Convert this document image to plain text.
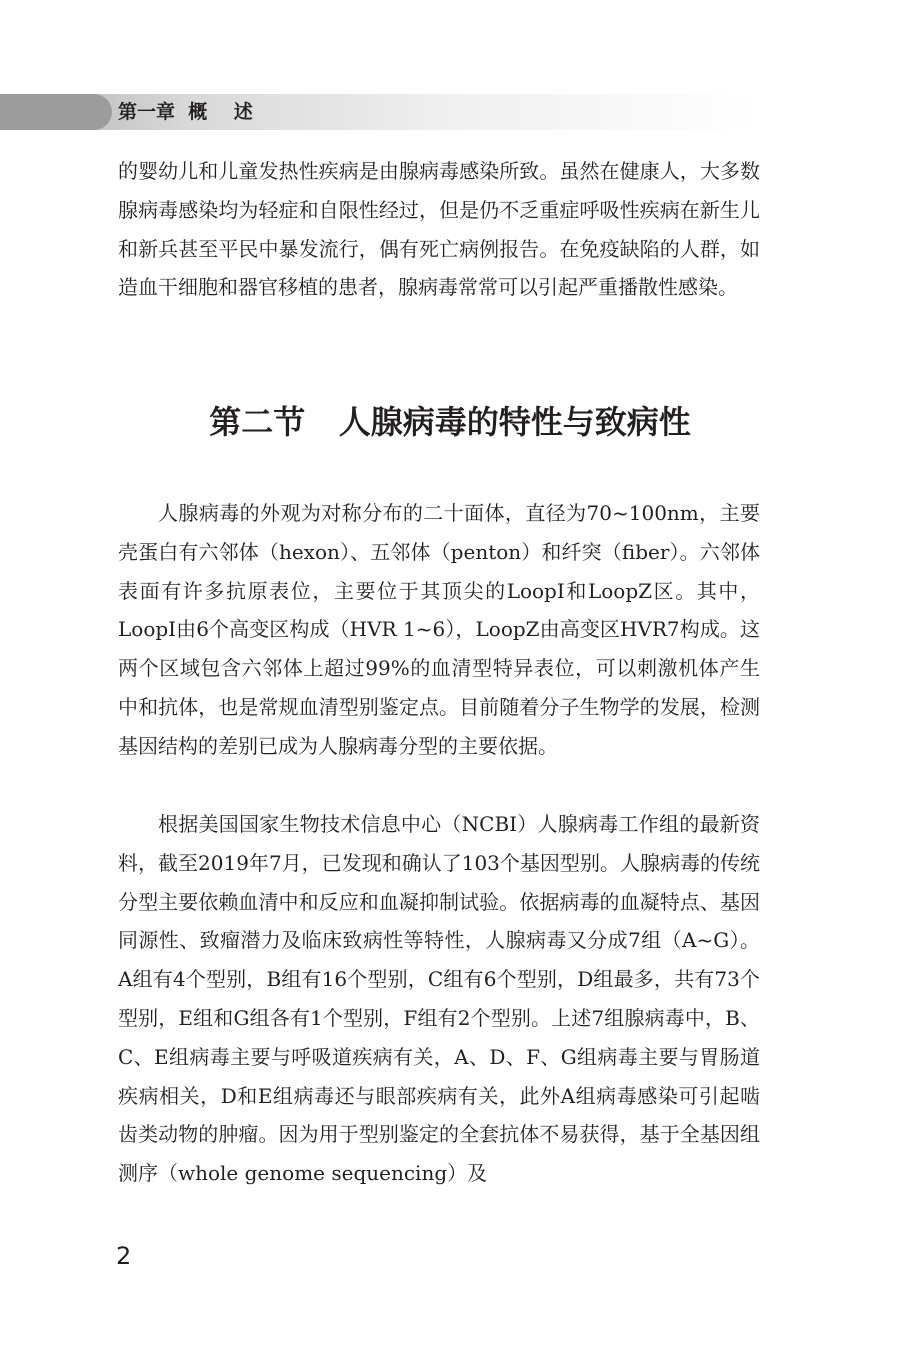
第一章  概    述

的婴幼儿和儿童发热性疾病是由腺病毒感染所致。虽然在健康人，大多数腺病毒感染均为轻症和自限性经过，但是仍不乏重症呼吸性疾病在新生儿和新兵甚至平民中暴发流行，偶有死亡病例报告。在免疫缺陷的人群，如造血干细胞和器官移植的患者，腺病毒常常可以引起严重播散性感染。

第二节   人腺病毒的特性与致病性

人腺病毒的外观为对称分布的二十面体，直径为70~100nm，主要壳蛋白有六邻体（hexon）、五邻体（penton）和纤突（fiber）。六邻体表面有许多抗原表位，主要位于其顶尖的LoopI和LoopZ区。其中，LoopI由6个高变区构成（HVR 1~6），LoopZ由高变区HVR7构成。这两个区域包含六邻体上超过99%的血清型特异表位，可以刺激机体产生中和抗体，也是常规血清型别鉴定点。目前随着分子生物学的发展，检测基因结构的差别已成为人腺病毒分型的主要依据。

根据美国国家生物技术信息中心（NCBI）人腺病毒工作组的最新资料，截至2019年7月，已发现和确认了103个基因型别。人腺病毒的传统分型主要依赖血清中和反应和血凝抑制试验。依据病毒的血凝特点、基因同源性、致瘤潜力及临床致病性等特性，人腺病毒又分成7组（A~G）。A组有4个型别，B组有16个型别，C组有6个型别，D组最多，共有73个型别，E组和G组各有1个型别，F组有2个型别。上述7组腺病毒中，B、C、E组病毒主要与呼吸道疾病有关，A、D、F、G组病毒主要与胃肠道疾病相关，D和E组病毒还与眼部疾病有关，此外A组病毒感染可引起啮齿类动物的肿瘤。因为用于型别鉴定的全套抗体不易获得，基于全基因组测序（whole genome sequencing）及

2
